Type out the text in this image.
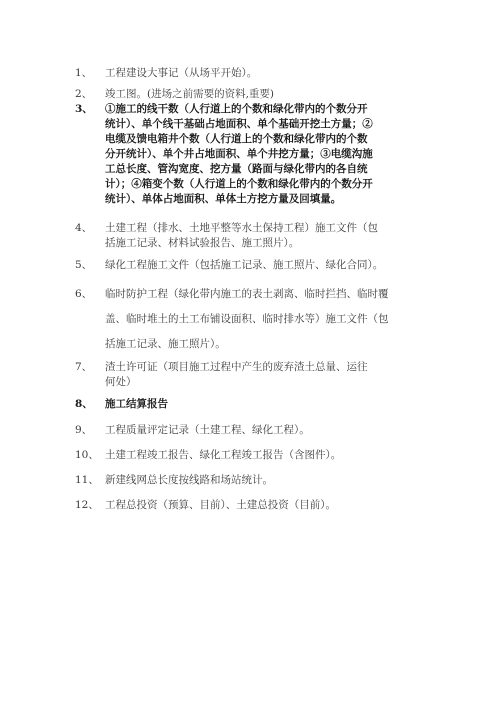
1、	工程建设大事记（从场平开始）。
2、	竣工图。(进场之前需要的资料,重要)
3、	①施工的线干数（人行道上的个数和绿化带内的个数分开
统计）、单个线干基础占地面积、单个基础开挖土方量；②
电缆及馈电箱井个数（人行道上的个数和绿化带内的个数
分开统计）、单个井占地面积、单个井挖方量；③电缆沟施
工总长度、管沟宽度、挖方量（路面与绿化带内的各自统
计）；④箱变个数（人行道上的个数和绿化带内的个数分开
统计）、单体占地面积、单体土方挖方量及回填量。
4、	土建工程（排水、土地平整等水土保持工程）施工文件（包
括施工记录、材料试验报告、施工照片）。
5、	绿化工程施工文件（包括施工记录、施工照片、绿化合同）。
6、	临时防护工程（绿化带内施工的表土剥离、临时拦挡、临时覆
盖、临时堆土的土工布铺设面积、临时排水等）施工文件（包
括施工记录、施工照片）。
7、	渣土许可证（项目施工过程中产生的废弃渣土总量、运往
何处）
8、	施工结算报告
9、	工程质量评定记录（土建工程、绿化工程）。
10、 土建工程竣工报告、绿化工程竣工报告（含图件）。
11、 新建线网总长度按线路和场站统计。
12、 工程总投资（预算、目前）、土建总投资（目前）。
